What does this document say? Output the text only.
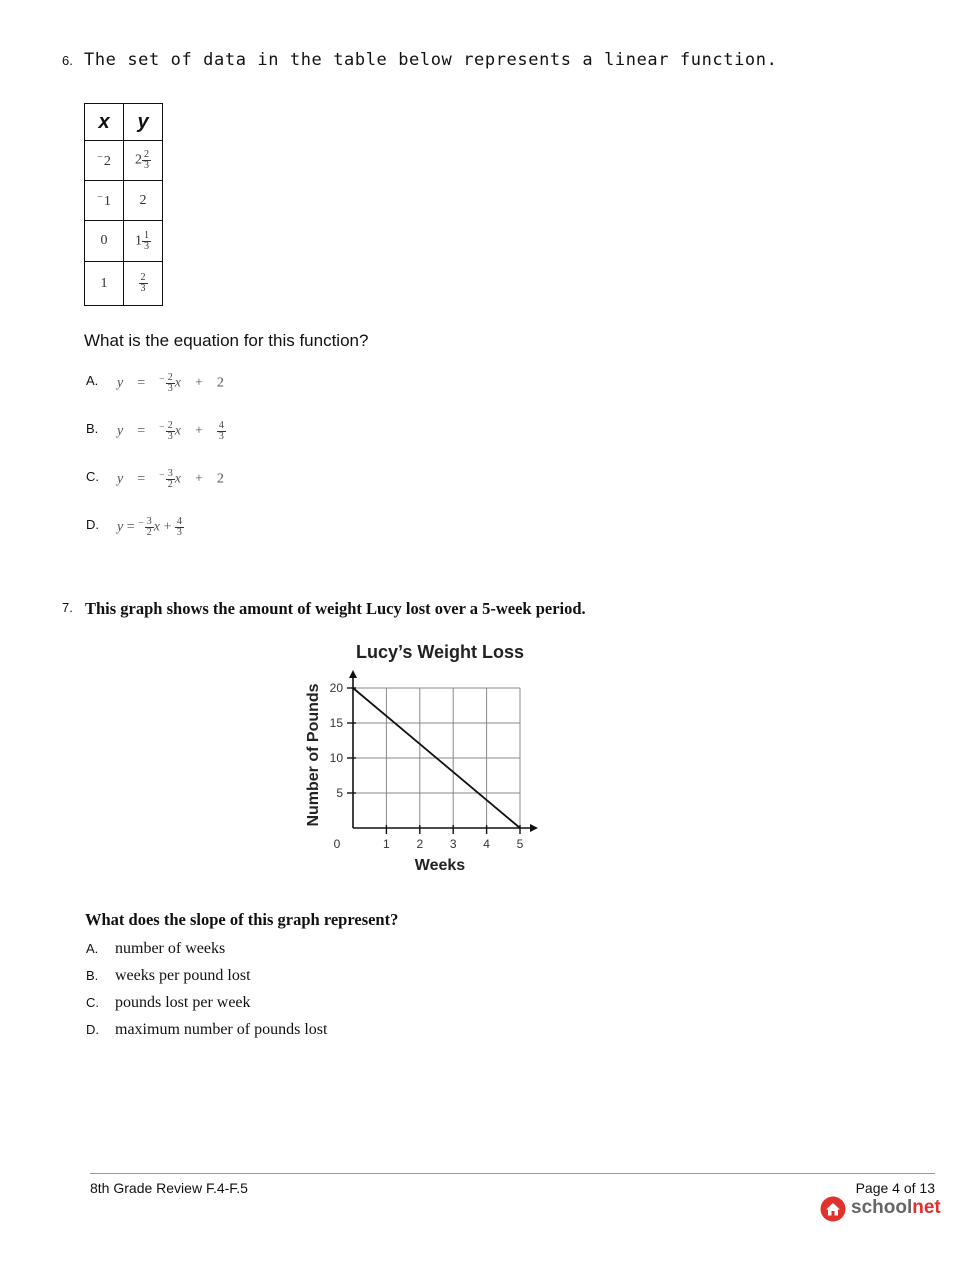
6. The set of data in the table below represents a linear function.
x	y
−2	$2 \frac{2}{3}$

−1	2
0	$1 \frac{1}{3}$

1	$\frac{2}{3}$
What is the equation for this function?
A. $y = ^- \frac{2}{3}$ x + 2
B. $y = ^- \frac{2}{3}$ $x + \frac{4}{3}$
C. $y = ^- \frac{3}{2}$ x + 2
D. $y = ^- \frac{3}{2}$ $x + \frac{4}{3}$
7. This graph shows the amount of weight Lucy lost over a 5-week period.
Lucy’s Weight Loss
5
10
15
20
0	1 2 3 4 5
Weeks
Number of Pounds
What does the slope of this graph represent?
A. number of weeks
B. weeks per pound lost
C. pounds lost per week
D. maximum number of pounds lost
8th Grade Review F.4-F.5	Page 4 of 13
schoolnet
